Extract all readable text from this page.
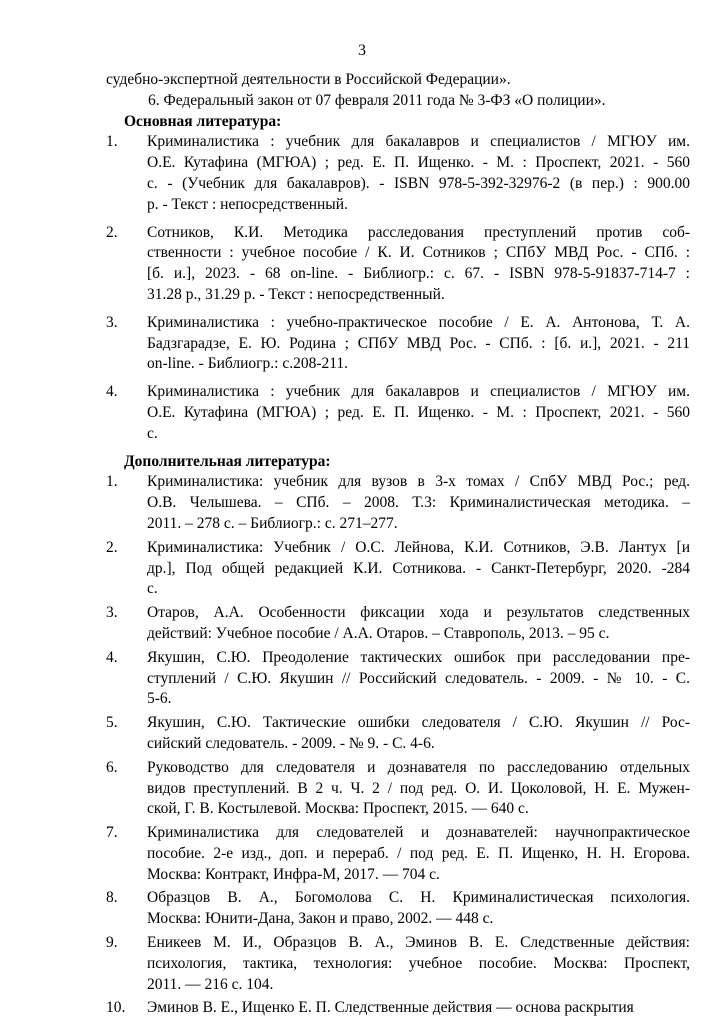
3
судебно-экспертной деятельности в Российской Федерации».
6. Федеральный закон от 07 февраля 2011 года № 3-ФЗ «О полиции».
Основная литература:
1.	Криминалистика : учебник для бакалавров и специалистов / МГЮУ им.
О.Е. Кутафина (МГЮА) ; ред. Е. П. Ищенко. - М. : Проспект, 2021. - 560
с. - (Учебник для бакалавров). - ISBN 978-5-392-32976-2 (в пер.) : 900.00
р. - Текст : непосредственный.
2.	Сотников, К.И. Методика расследования преступлений против соб-
ственности : учебное пособие / К. И. Сотников ; СПбУ МВД Рос. - СПб. :
[б. и.], 2023. - 68 on-line. - Библиогр.: с. 67. - ISBN 978-5-91837-714-7 :
31.28 р., 31.29 р. - Текст : непосредственный.
3.	Криминалистика : учебно-практическое пособие / Е. А. Антонова, Т. А.
Бадзгарадзе, Е. Ю. Родина ; СПбУ МВД Рос. - СПб. : [б. и.], 2021. - 211
on-line. - Библиогр.: с.208-211.
4.	Криминалистика : учебник для бакалавров и специалистов / МГЮУ им.
О.Е. Кутафина (МГЮА) ; ред. Е. П. Ищенко. - М. : Проспект, 2021. - 560
с.
Дополнительная литература:
1.	Криминалистика: учебник для вузов в 3-х томах / СпбУ МВД Рос.; ред.
О.В. Челышева. – СПб. – 2008. Т.3: Криминалистическая методика. –
2011. – 278 с. – Библиогр.: с. 271–277.
2.	Криминалистика: Учебник / О.С. Лейнова, К.И. Сотников, Э.В. Лантух [и
др.], Под общей редакцией К.И. Сотникова. - Санкт-Петербург, 2020. -284
с.
3.	Отаров, А.А. Особенности фиксации хода и результатов следственных
действий: Учебное пособие / А.А. Отаров. – Ставрополь, 2013. – 95 с.
4.	Якушин, С.Ю. Преодоление тактических ошибок при расследовании пре-
ступлений / С.Ю. Якушин // Российский следователь. - 2009. - № 10. - С.
5-6.
5.	Якушин, С.Ю. Тактические ошибки следователя / С.Ю. Якушин // Рос-
сийский следователь. - 2009. - № 9. - С. 4-6.
6.	Руководство для следователя и дознавателя по расследованию отдельных
видов преступлений. В 2 ч. Ч. 2 / под ред. О. И. Цоколовой, Н. Е. Мужен-
ской, Г. В. Костылевой. Москва: Проспект, 2015. — 640 с.
7.	Криминалистика для следователей и дознавателей: научнопрактическое
пособие. 2-е изд., доп. и перераб. / под ред. Е. П. Ищенко, Н. Н. Егорова.
Москва: Контракт, Инфра-М, 2017. — 704 с.
8.	Образцов В. А., Богомолова С. Н. Криминалистическая психология.
Москва: Юнити-Дана, Закон и право, 2002. — 448 с.
9.	Еникеев М. И., Образцов В. А., Эминов В. Е. Следственные действия:
психология, тактика, технология: учебное пособие. Москва: Проспект,
2011. — 216 с. 104.
10.	Эминов В. Е., Ищенко Е. П. Следственные действия — основа раскрытия
